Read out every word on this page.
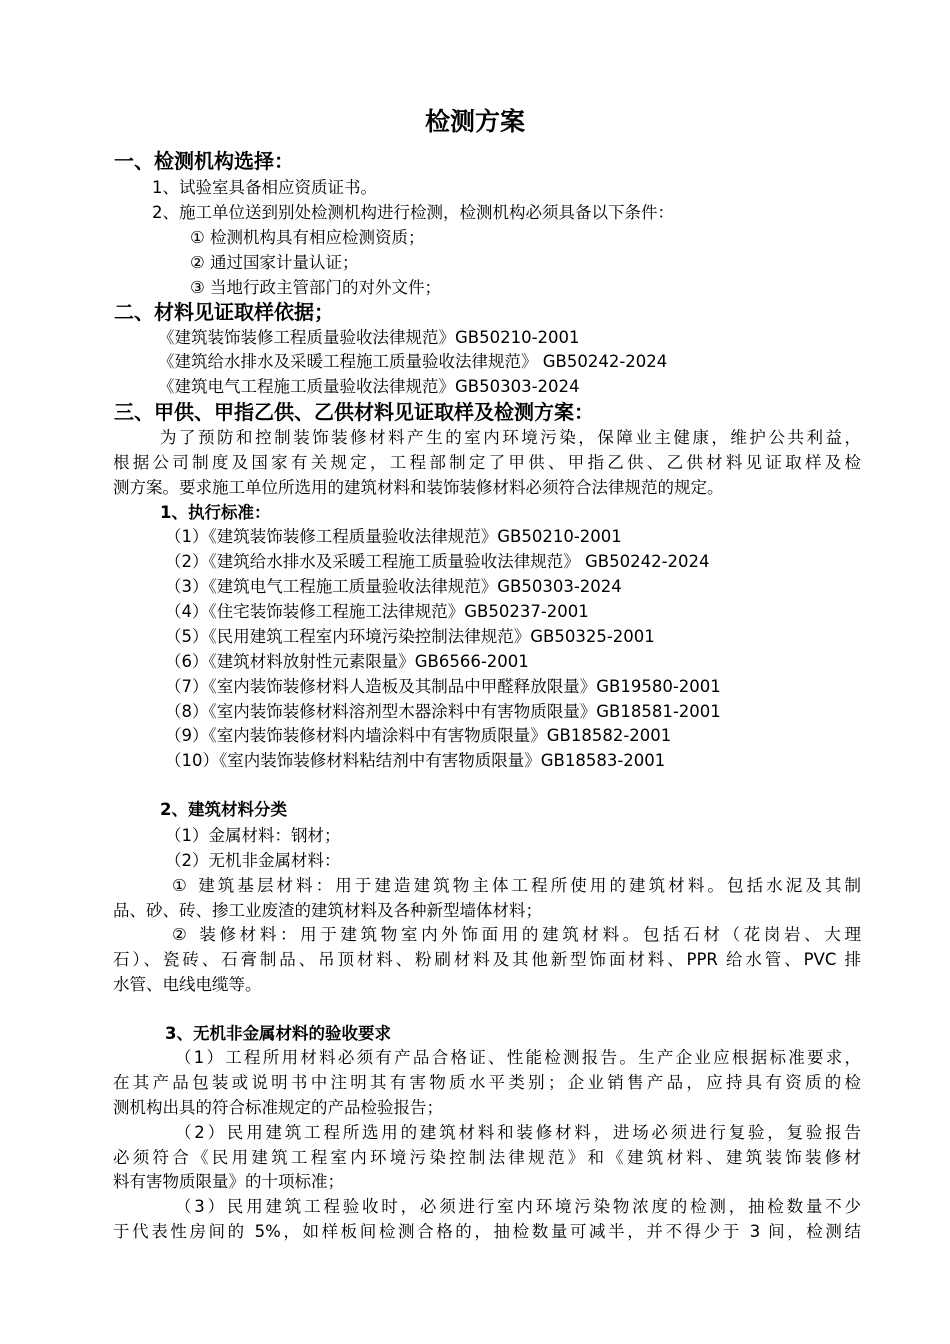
检测方案
一、检测机构选择：
1、试验室具备相应资质证书。
2、施工单位送到别处检测机构进行检测，检测机构必须具备以下条件：
① 检测机构具有相应检测资质；
② 通过国家计量认证；
③ 当地行政主管部门的对外文件；
二、材料见证取样依据；
《建筑装饰装修工程质量验收法律规范》GB50210-2001
《建筑给水排水及采暖工程施工质量验收法律规范》 GB50242-2024
《建筑电气工程施工质量验收法律规范》GB50303-2024
三、甲供、甲指乙供、乙供材料见证取样及检测方案：
为了预防和控制装饰装修材料产生的室内环境污染，保障业主健康，维护公共利益，
根据公司制度及国家有关规定，工程部制定了甲供、甲指乙供、乙供材料见证取样及检
测方案。要求施工单位所选用的建筑材料和装饰装修材料必须符合法律规范的规定。
1、执行标准：
（1）《建筑装饰装修工程质量验收法律规范》GB50210-2001
（2）《建筑给水排水及采暖工程施工质量验收法律规范》 GB50242-2024
（3）《建筑电气工程施工质量验收法律规范》GB50303-2024
（4）《住宅装饰装修工程施工法律规范》GB50237-2001
（5）《民用建筑工程室内环境污染控制法律规范》GB50325-2001
（6）《建筑材料放射性元素限量》GB6566-2001
（7）《室内装饰装修材料人造板及其制品中甲醛释放限量》GB19580-2001
（8）《室内装饰装修材料溶剂型木器涂料中有害物质限量》GB18581-2001
（9）《室内装饰装修材料内墙涂料中有害物质限量》GB18582-2001
（10）《室内装饰装修材料粘结剂中有害物质限量》GB18583-2001
2、建筑材料分类
（1）金属材料：钢材；
（2）无机非金属材料：
① 建筑基层材料：用于建造建筑物主体工程所使用的建筑材料。包括水泥及其制
品、砂、砖、掺工业废渣的建筑材料及各种新型墙体材料；
② 装修材料：用于建筑物室内外饰面用的建筑材料。包括石材（花岗岩、大理
石）、瓷砖、石膏制品、吊顶材料、粉刷材料及其他新型饰面材料、PPR 给水管、PVC 排
水管、电线电缆等。
3、无机非金属材料的验收要求
（1）工程所用材料必须有产品合格证、性能检测报告。生产企业应根据标准要求，
在其产品包装或说明书中注明其有害物质水平类别；企业销售产品，应持具有资质的检
测机构出具的符合标准规定的产品检验报告；
（2）民用建筑工程所选用的建筑材料和装修材料，进场必须进行复验，复验报告
必须符合《民用建筑工程室内环境污染控制法律规范》和《建筑材料、建筑装饰装修材
料有害物质限量》的十项标准；
（3）民用建筑工程验收时，必须进行室内环境污染物浓度的检测，抽检数量不少
于代表性房间的 5%，如样板间检测合格的，抽检数量可减半，并不得少于 3 间，检测结
